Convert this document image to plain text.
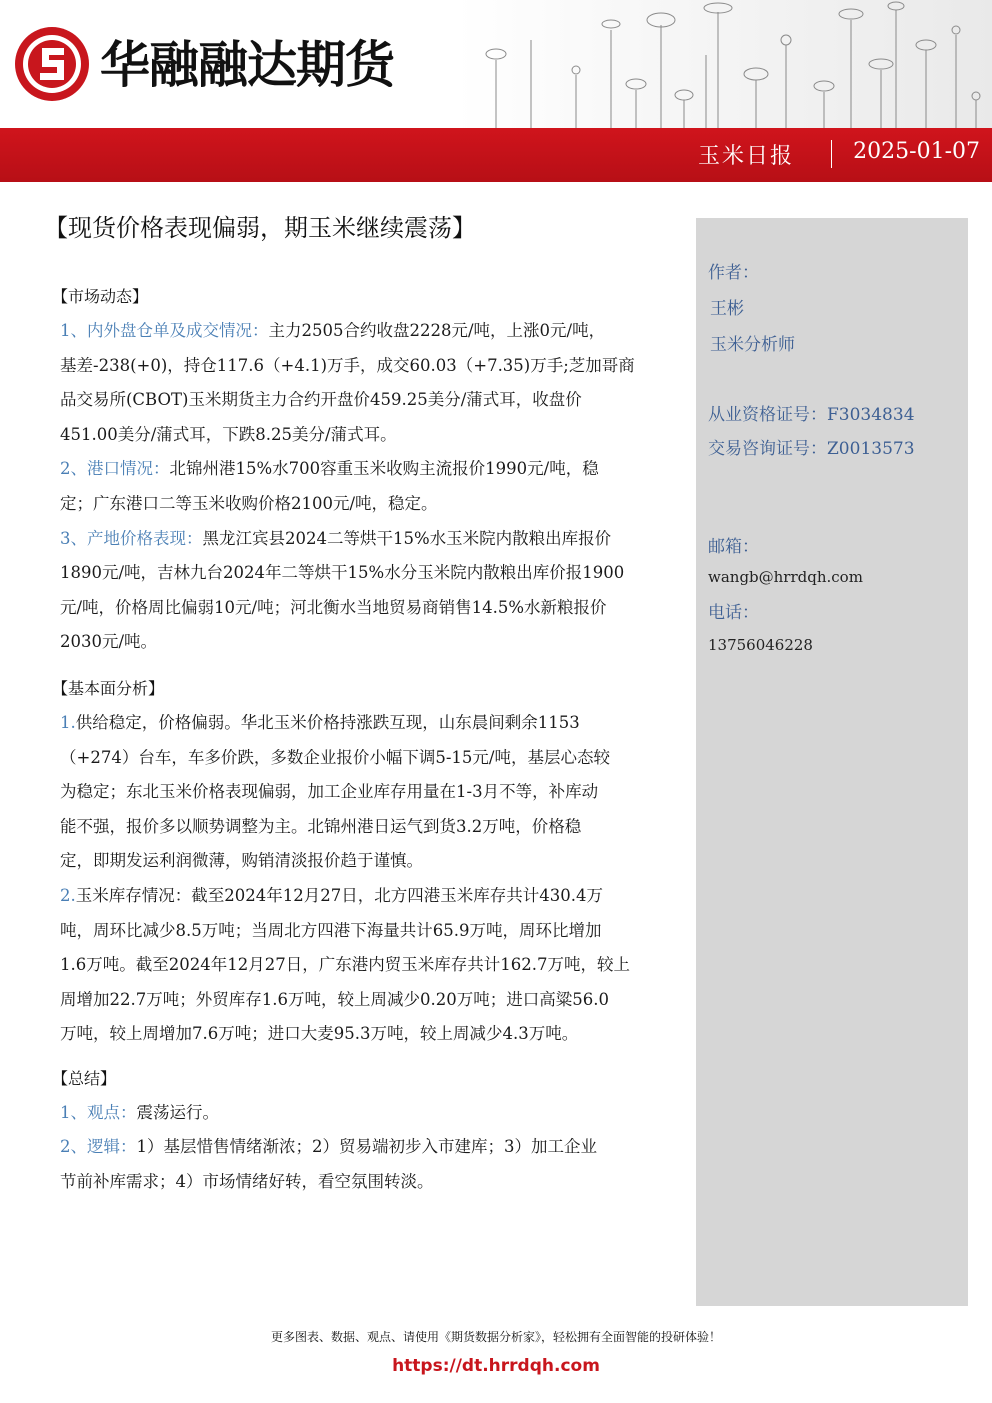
华融融达期货
玉米日报	2025-01-07
【现货价格表现偏弱，期玉米继续震荡】
【市场动态】

1、内外盘仓单及成交情况：主力2505合约收盘2228元/吨，上涨0元/吨，
基差-238(+0)，持仓117.6（+4.1)万手，成交60.03（+7.35)万手;芝加哥商
品交易所(CBOT)玉米期货主力合约开盘价459.25美分/蒲式耳，收盘价
451.00美分/蒲式耳，下跌8.25美分/蒲式耳。

2、港口情况：北锦州港15%水700容重玉米收购主流报价1990元/吨，稳
定；广东港口二等玉米收购价格2100元/吨，稳定。

3、产地价格表现：黑龙江宾县2024二等烘干15%水玉米院内散粮出库报价
1890元/吨，吉林九台2024年二等烘干15%水分玉米院内散粮出库价报1900
元/吨，价格周比偏弱10元/吨；河北衡水当地贸易商销售14.5%水新粮报价
2030元/吨。

【基本面分析】

1.供给稳定，价格偏弱。华北玉米价格持涨跌互现，山东晨间剩余1153
（+274）台车，车多价跌，多数企业报价小幅下调5-15元/吨，基层心态较
为稳定；东北玉米价格表现偏弱，加工企业库存用量在1-3月不等，补库动
能不强，报价多以顺势调整为主。北锦州港日运气到货3.2万吨，价格稳
定，即期发运利润微薄，购销清淡报价趋于谨慎。

2.玉米库存情况：截至2024年12月27日，北方四港玉米库存共计430.4万
吨，周环比减少8.5万吨；当周北方四港下海量共计65.9万吨，周环比增加
1.6万吨。截至2024年12月27日，广东港内贸玉米库存共计162.7万吨，较上
周增加22.7万吨；外贸库存1.6万吨，较上周减少0.20万吨；进口高粱56.0
万吨，较上周增加7.6万吨；进口大麦95.3万吨，较上周减少4.3万吨。

【总结】

1、观点：震荡运行。

2、逻辑：1）基层惜售情绪渐浓；2）贸易端初步入市建库；3）加工企业
节前补库需求；4）市场情绪好转，看空氛围转淡。

作者：
王彬
玉米分析师
从业资格证号：F3034834
交易咨询证号：Z0013573
邮箱：
wangb@hrrdqh.com
电话：
13756046228
更多图表、数据、观点、请使用《期货数据分析家》，轻松拥有全面智能的投研体验！
https://dt.hrrdqh.com
